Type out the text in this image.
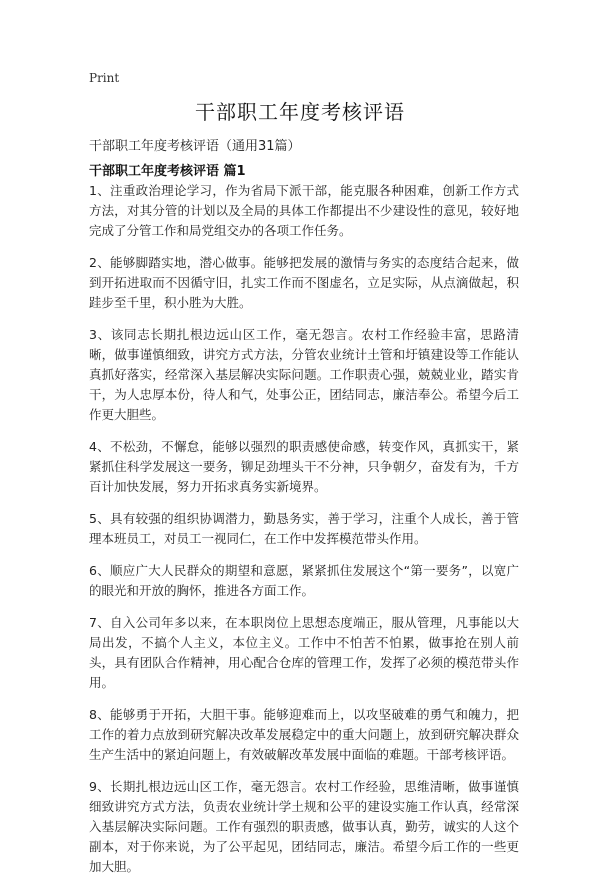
Print
干部职工年度考核评语
干部职工年度考核评语（通用31篇）
干部职工年度考核评语 篇1

1、注重政治理论学习，作为省局下派干部，能克服各种困难，创新工作方式方法，对其分管的计划以及全局的具体工作都提出不少建设性的意见，较好地完成了分管工作和局党组交办的各项工作任务。

2、能够脚踏实地，潜心做事。能够把发展的激情与务实的态度结合起来，做到开拓进取而不因循守旧，扎实工作而不图虚名，立足实际，从点滴做起，积跬步至千里，积小胜为大胜。

3、该同志长期扎根边远山区工作，毫无怨言。农村工作经验丰富，思路清晰，做事谨慎细致，讲究方式方法，分管农业统计土管和圩镇建设等工作能认真抓好落实，经常深入基层解决实际问题。工作职责心强，兢兢业业，踏实肯干，为人忠厚本份，待人和气，处事公正，团结同志，廉洁奉公。希望今后工作更大胆些。

4、不松劲，不懈怠，能够以强烈的职责感使命感，转变作风，真抓实干，紧紧抓住科学发展这一要务，铆足劲埋头干不分神，只争朝夕，奋发有为，千方百计加快发展，努力开拓求真务实新境界。

5、具有较强的组织协调潜力，勤恳务实，善于学习，注重个人成长，善于管理本班员工，对员工一视同仁，在工作中发挥模范带头作用。

6、顺应广大人民群众的期望和意愿，紧紧抓住发展这个“第一要务”，以宽广的眼光和开放的胸怀，推进各方面工作。

7、自入公司年多以来，在本职岗位上思想态度端正，服从管理，凡事能以大局出发，不搞个人主义，本位主义。工作中不怕苦不怕累，做事抢在别人前头，具有团队合作精神，用心配合仓库的管理工作，发挥了必须的模范带头作用。

8、能够勇于开拓，大胆干事。能够迎难而上，以攻坚破难的勇气和魄力，把工作的着力点放到研究解决改革发展稳定中的重大问题上，放到研究解决群众生产生活中的紧迫问题上，有效破解改革发展中面临的难题。干部考核评语。

9、长期扎根边远山区工作，毫无怨言。农村工作经验，思维清晰，做事谨慎细致讲究方式方法，负责农业统计学土规和公平的建设实施工作认真，经常深入基层解决实际问题。工作有强烈的职责感，做事认真，勤劳，诚实的人这个副本，对于你来说，为了公平起见，团结同志，廉洁。希望今后工作的一些更加大胆。
